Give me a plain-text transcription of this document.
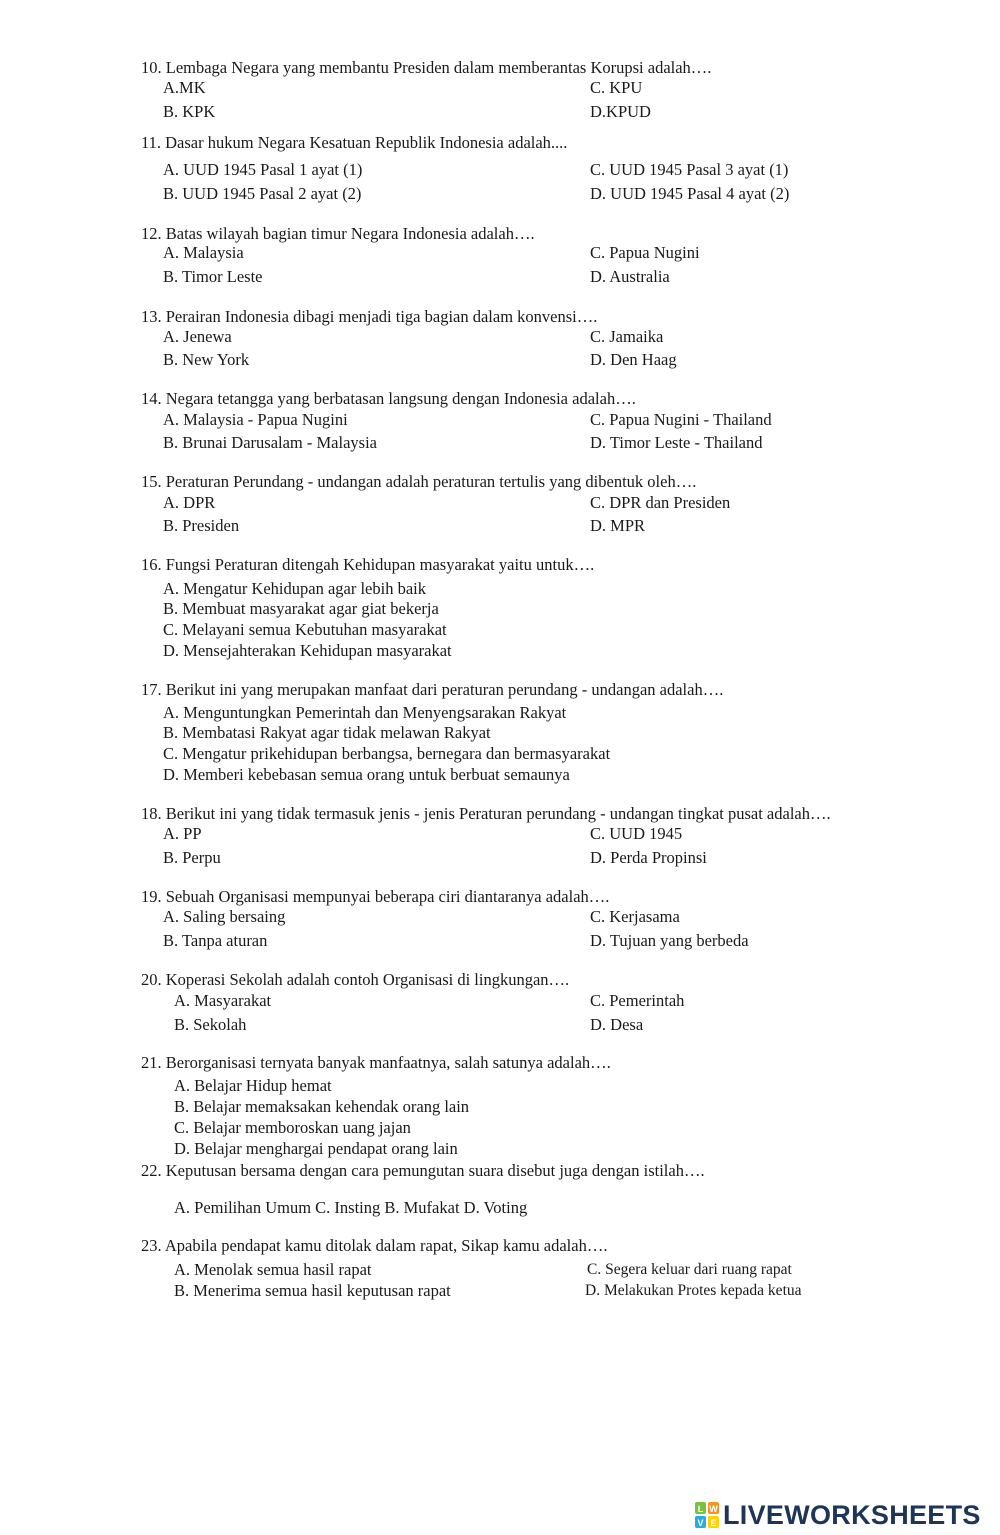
10. Lembaga Negara yang membantu Presiden dalam memberantas Korupsi adalah….
A.MK
B. KPK
C. KPU
D.KPUD
11. Dasar hukum Negara Kesatuan Republik Indonesia adalah....
A. UUD 1945 Pasal 1 ayat (1)
B. UUD 1945 Pasal 2 ayat (2)
C. UUD 1945 Pasal 3 ayat (1)
D. UUD 1945 Pasal 4 ayat (2)
12. Batas wilayah bagian timur Negara Indonesia adalah….
A. Malaysia
B. Timor Leste
C. Papua Nugini
D. Australia
13. Perairan Indonesia dibagi menjadi tiga bagian dalam konvensi….
A. Jenewa
B. New York
C. Jamaika
D. Den Haag
14. Negara tetangga yang berbatasan langsung dengan Indonesia adalah….
A. Malaysia - Papua Nugini
B. Brunai Darusalam - Malaysia
C. Papua Nugini - Thailand
D. Timor Leste - Thailand
15. Peraturan Perundang - undangan adalah peraturan tertulis yang dibentuk oleh….
A. DPR
B. Presiden
C. DPR dan Presiden
D. MPR
16. Fungsi Peraturan ditengah Kehidupan masyarakat yaitu untuk….
A. Mengatur Kehidupan agar lebih baik
B. Membuat masyarakat agar giat bekerja
C. Melayani semua Kebutuhan masyarakat
D. Mensejahterakan Kehidupan masyarakat
17. Berikut ini yang merupakan manfaat dari peraturan perundang - undangan adalah….
A. Menguntungkan Pemerintah dan Menyengsarakan Rakyat
B. Membatasi Rakyat agar tidak melawan Rakyat
C. Mengatur prikehidupan berbangsa, bernegara dan bermasyarakat
D. Memberi kebebasan semua orang untuk berbuat semaunya
18. Berikut ini yang tidak termasuk jenis - jenis Peraturan perundang - undangan tingkat pusat adalah….
A. PP
B. Perpu
C. UUD 1945
D. Perda Propinsi
19. Sebuah Organisasi mempunyai beberapa ciri diantaranya adalah….
A. Saling bersaing
B. Tanpa aturan
C. Kerjasama
D. Tujuan yang berbeda
20. Koperasi Sekolah adalah contoh Organisasi di lingkungan….
A. Masyarakat
B. Sekolah
C. Pemerintah
D. Desa
21. Berorganisasi ternyata banyak manfaatnya, salah satunya adalah….
A. Belajar Hidup hemat
B. Belajar memaksakan kehendak orang lain
C. Belajar memboroskan uang jajan
D. Belajar menghargai pendapat orang lain
22. Keputusan bersama dengan cara pemungutan suara disebut juga dengan istilah….
A. Pemilihan Umum C. Insting B. Mufakat D. Voting
23. Apabila pendapat kamu ditolak dalam rapat, Sikap kamu adalah….
A. Menolak semua hasil rapat
B. Menerima semua hasil keputusan rapat
C. Segera keluar dari ruang rapat
D. Melakukan Protes kepada ketua
L W
V E LIVEWORKSHEETS
